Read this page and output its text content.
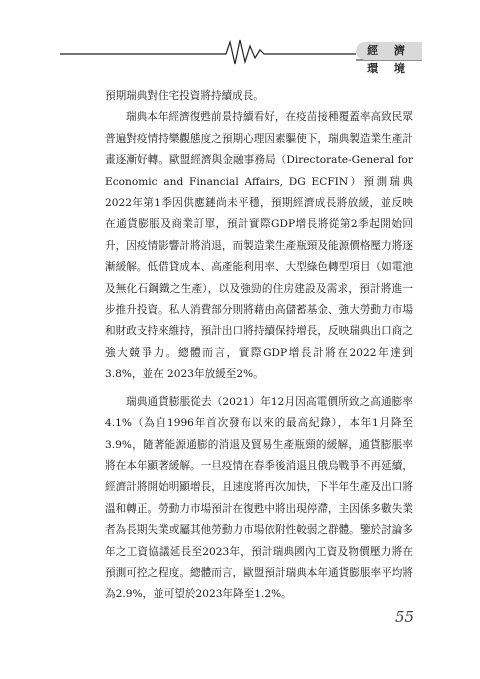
經 濟 環 境

預期瑞典對住宅投資將持續成長。

瑞典本年經濟復甦前景持續看好，在疫苗接種覆蓋率高致民眾普遍對疫情持樂觀態度之預期心理因素驅使下，瑞典製造業生產計畫逐漸好轉。歐盟經濟與金融事務局（Directorate-General for Economic and Financial Affairs, DG ECFIN）預測瑞典2022年第1季因供應鏈尚未平穩，預期經濟成長將放緩，並反映在通貨膨脹及商業訂單，預計實際GDP增長將從第2季起開始回升，因疫情影響計將消退，而製造業生產瓶頸及能源價格壓力將逐漸緩解。低借貸成本、高產能利用率、大型綠色轉型項目（如電池及無化石鋼鐵之生產），以及強勁的住房建設及需求，預計將進一步推升投資。私人消費部分則將藉由高儲蓄基金、強大勞動力市場和財政支持來維持，預計出口將持續保持增長，反映瑞典出口商之強大競爭力。總體而言，實際GDP增長計將在2022年達到3.8%，並在 2023年放緩至2%。

瑞典通貨膨脹從去（2021）年12月因高電價所致之高通膨率4.1%（為自1996年首次發布以來的最高紀錄），本年1月降至3.9%，隨著能源通膨的消退及貿易生產瓶頸的緩解，通貨膨脹率將在本年顯著緩解。一旦疫情在春季後消退且俄烏戰爭不再延續，經濟計將開始明顯增長，且速度將再次加快，下半年生產及出口將溫和轉正。勞動力市場預計在復甦中將出現停滯，主因係多數失業者為長期失業或屬其他勞動力市場依附性較弱之群體。鑒於討論多年之工資協議延長至2023年，預計瑞典國內工資及物價壓力將在預測可控之程度。總體而言，歐盟預計瑞典本年通貨膨脹率平均將為2.9%，並可望於2023年降至1.2%。

55
